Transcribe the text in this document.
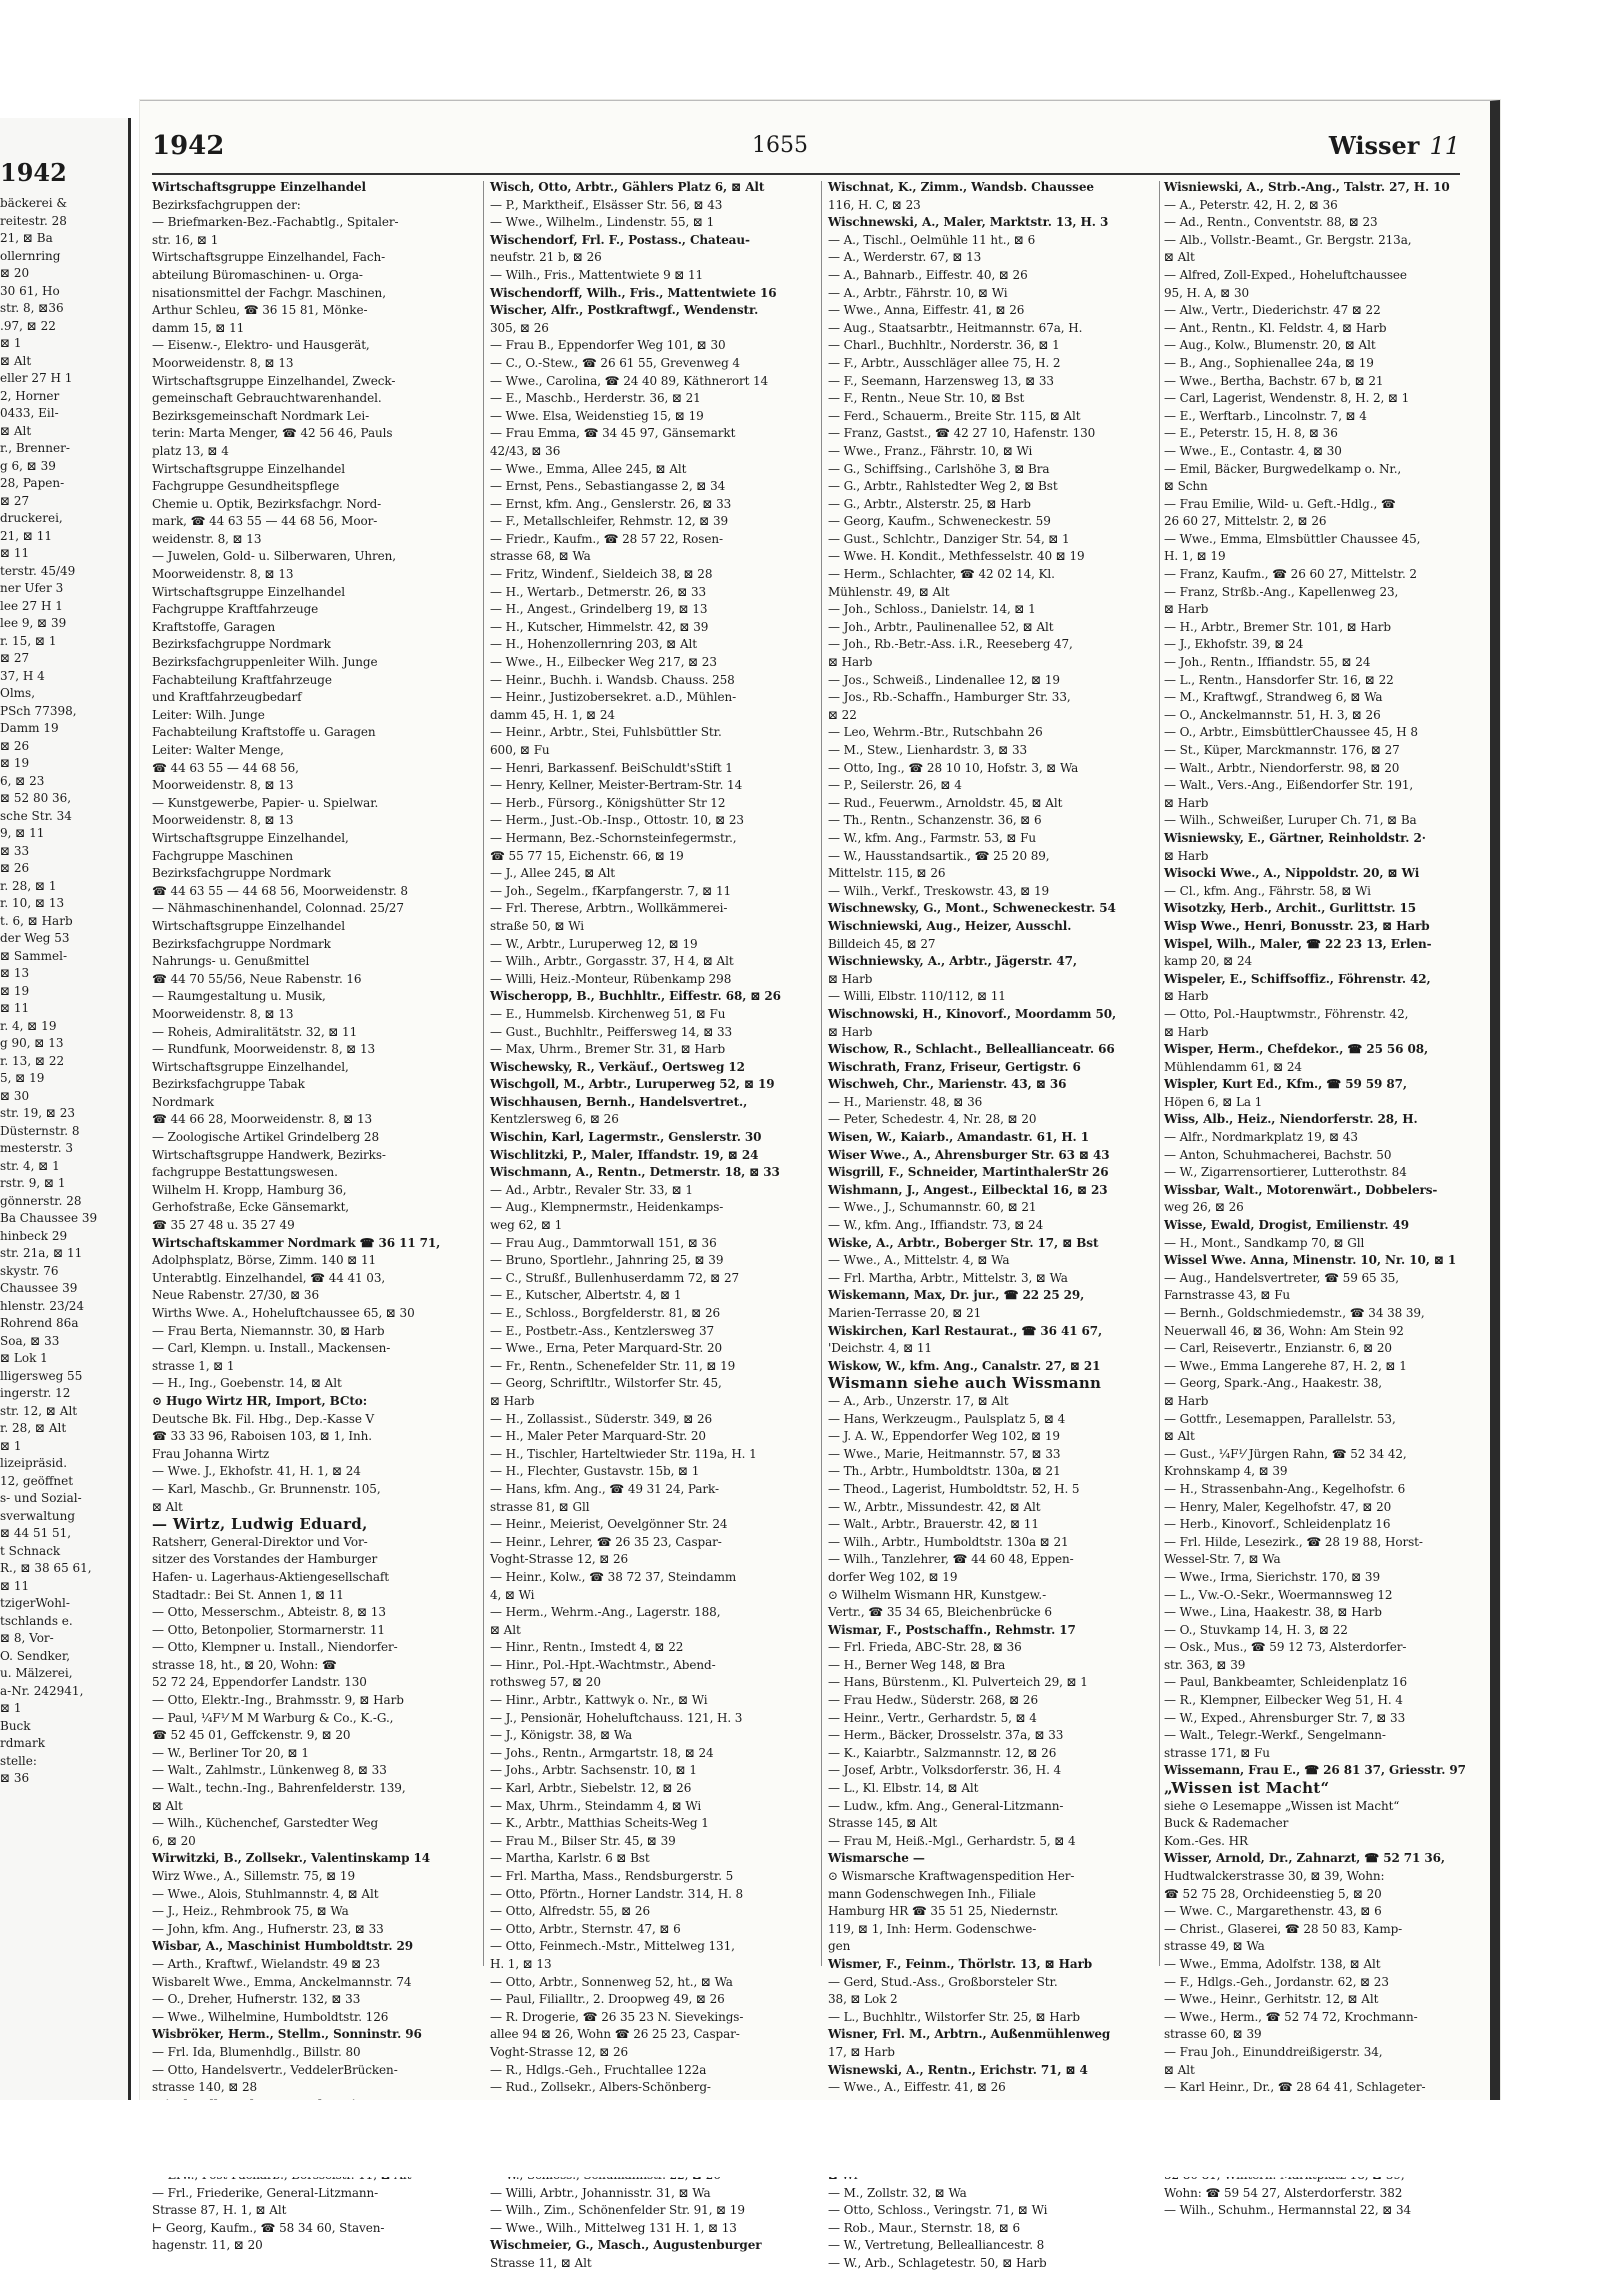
1942
bäckerei &
reitestr. 28
21, ⊠ Ba
ollernring
⊠ 20
30 61, Ho
str. 8, ⊠36
.97, ⊠ 22
⊠ 1
⊠ Alt
eller 27 H 1
2, Horner
0433, Eil-
⊠ Alt
r., Brenner-
g 6, ⊠ 39
28, Papen-
⊠ 27
druckerei,
21, ⊠ 11
⊠ 11
terstr. 45/49
ner Ufer 3
lee 27 H 1
lee 9, ⊠ 39
r. 15, ⊠ 1
⊠ 27
37, H 4
Olms,
PSch 77398,
Damm 19
⊠ 26
⊠ 19
6, ⊠ 23
⊠ 52 80 36,
sche Str. 34
9, ⊠ 11
⊠ 33
⊠ 26
r. 28, ⊠ 1
r. 10, ⊠ 13
t. 6, ⊠ Harb
der Weg 53
⊠ Sammel-
⊠ 13
⊠ 19
⊠ 11
r. 4, ⊠ 19
g 90, ⊠ 13
r. 13, ⊠ 22
5, ⊠ 19
⊠ 30
str. 19, ⊠ 23
Düsternstr. 8
mesterstr. 3
str. 4, ⊠ 1
rstr. 9, ⊠ 1
gönnerstr. 28
Ba Chaussee 39
hinbeck 29
str. 21a, ⊠ 11
skystr. 76
Chaussee 39
hlenstr. 23/24
Rohrend 86a
Soa, ⊠ 33
⊠ Lok 1
lligersweg 55
ingerstr. 12
str. 12, ⊠ Alt
r. 28, ⊠ Alt
⊠ 1
lizeipräsid.
12, geöffnet
s- und Sozial-
sverwaltung
⊠ 44 51 51,
t Schnack
R., ⊠ 38 65 61,
⊠ 11
tzigerWohl-
tschlands e.
⊠ 8, Vor-
O. Sendker,
u. Mälzerei,
a-Nr. 242941,
⊠ 1
Buck
rdmark
stelle:
⊠ 36
1942	1655	Wisser 11
Wirtschaftsgruppe Einzelhandel
Bezirksfachgruppen der:
— Briefmarken-Bez.-Fachabtlg., Spitaler-
str. 16, ⊠ 1
Wirtschaftsgruppe Einzelhandel, Fach-
abteilung Büromaschinen- u. Orga-
nisationsmittel der Fachgr. Maschinen,
Arthur Schleu, ☎ 36 15 81, Mönke-
damm 15, ⊠ 11
— Eisenw.-, Elektro- und Hausgerät,
Moorweidenstr. 8, ⊠ 13
Wirtschaftsgruppe Einzelhandel, Zweck-
gemeinschaft Gebrauchtwarenhandel.
Bezirksgemeinschaft Nordmark Lei-
terin: Marta Menger, ☎ 42 56 46, Pauls
platz 13, ⊠ 4
Wirtschaftsgruppe Einzelhandel
Fachgruppe Gesundheitspflege
Chemie u. Optik, Bezirksfachgr. Nord-
mark, ☎ 44 63 55 — 44 68 56, Moor-
weidenstr. 8, ⊠ 13
— Juwelen, Gold- u. Silberwaren, Uhren,
Moorweidenstr. 8, ⊠ 13
Wirtschaftsgruppe Einzelhandel
Fachgruppe Kraftfahrzeuge
Kraftstoffe, Garagen
Bezirksfachgruppe Nordmark
Bezirksfachgruppenleiter Wilh. Junge
Fachabteilung Kraftfahrzeuge
und Kraftfahrzeugbedarf
Leiter: Wilh. Junge
Fachabteilung Kraftstoffe u. Garagen
Leiter: Walter Menge,
☎ 44 63 55 — 44 68 56,
Moorweidenstr. 8, ⊠ 13
— Kunstgewerbe, Papier- u. Spielwar.
Moorweidenstr. 8, ⊠ 13
Wirtschaftsgruppe Einzelhandel,
Fachgruppe Maschinen
Bezirksfachgruppe Nordmark
☎ 44 63 55 — 44 68 56, Moorweidenstr. 8
— Nähmaschinenhandel, Colonnad. 25/27
Wirtschaftsgruppe Einzelhandel
Bezirksfachgruppe Nordmark
Nahrungs- u. Genußmittel
☎ 44 70 55/56, Neue Rabenstr. 16
— Raumgestaltung u. Musik,
Moorweidenstr. 8, ⊠ 13
— Roheis, Admiralitätstr. 32, ⊠ 11
— Rundfunk, Moorweidenstr. 8, ⊠ 13
Wirtschaftsgruppe Einzelhandel,
Bezirksfachgruppe Tabak
Nordmark
☎ 44 66 28, Moorweidenstr. 8, ⊠ 13
— Zoologische Artikel Grindelberg 28
Wirtschaftsgruppe Handwerk, Bezirks-
fachgruppe Bestattungswesen.
Wilhelm H. Kropp, Hamburg 36,
Gerhofstraße, Ecke Gänsemarkt,
☎ 35 27 48 u. 35 27 49
Wirtschaftskammer Nordmark ☎ 36 11 71,
Adolphsplatz, Börse, Zimm. 140 ⊠ 11
Unterabtlg. Einzelhandel, ☎ 44 41 03,
Neue Rabenstr. 27/30, ⊠ 36
Wirths Wwe. A., Hoheluftchaussee 65, ⊠ 30
— Frau Berta, Niemannstr. 30, ⊠ Harb
— Carl, Klempn. u. Install., Mackensen-
strasse 1, ⊠ 1
— H., Ing., Goebenstr. 14, ⊠ Alt
⊙ Hugo Wirtz HR, Import, BCto:
Deutsche Bk. Fil. Hbg., Dep.-Kasse V
☎ 33 33 96, Raboisen 103, ⊠ 1, Inh.
Frau Johanna Wirtz
— Wwe. J., Ekhofstr. 41, H. 1, ⊠ 24
— Karl, Maschb., Gr. Brunnenstr. 105,
⊠ Alt
— Wirtz, Ludwig Eduard,
Ratsherr, General-Direktor und Vor-
sitzer des Vorstandes der Hamburger
Hafen- u. Lagerhaus-Aktiengesellschaft
Stadtadr.: Bei St. Annen 1, ⊠ 11
— Otto, Messerschm., Abteistr. 8, ⊠ 13
— Otto, Betonpolier, Stormarnerstr. 11
— Otto, Klempner u. Install., Niendorfer-
strasse 18, ht., ⊠ 20, Wohn: ☎
52 72 24, Eppendorfer Landstr. 130
— Otto, Elektr.-Ing., Brahmsstr. 9, ⊠ Harb
— Paul, ¼F⅟ M M Warburg & Co., K.-G.,
☎ 52 45 01, Geffckenstr. 9, ⊠ 20
— W., Berliner Tor 20, ⊠ 1
— Walt., Zahlmstr., Lünkenweg 8, ⊠ 33
— Walt., techn.-Ing., Bahrenfelderstr. 139,
⊠ Alt
— Wilh., Küchenchef, Garstedter Weg
6, ⊠ 20
Wirwitzki, B., Zollsekr., Valentinskamp 14
Wirz Wwe., A., Sillemstr. 75, ⊠ 19
— Wwe., Alois, Stuhlmannstr. 4, ⊠ Alt
— J., Heiz., Rehmbrook 75, ⊠ Wa
— John, kfm. Ang., Hufnerstr. 23, ⊠ 33
Wisbar, A., Maschinist Humboldtstr. 29
— Arth., Kraftwf., Wielandstr. 49 ⊠ 23
Wisbarelt Wwe., Emma, Anckelmannstr. 74
— O., Dreher, Hufnerstr. 132, ⊠ 33
— Wwe., Wilhelmine, Humboldtstr. 126
Wisbröker, Herm., Stellm., Sonninstr. 96
— Frl. Ida, Blumenhdlg., Billstr. 80
— Otto, Handelsvertr., VeddelerBrücken-
strasse 140, ⊠ 28
— Frl., Friederike, General-Litzmann-
Strasse 87, H. 1, ⊠ Alt
⊢ Georg, Kaufm., ☎ 58 34 60, Staven-
hagenstr. 11, ⊠ 20
Wisch, Otto, Arbtr., Gählers Platz 6, ⊠ Alt
— P., Marktheif., Elsässer Str. 56, ⊠ 43
— Wwe., Wilhelm., Lindenstr. 55, ⊠ 1
Wischendorf, Frl. F., Postass., Chateau-
neufstr. 21 b, ⊠ 26
— Wilh., Fris., Mattentwiete 9 ⊠ 11
Wischendorff, Wilh., Fris., Mattentwiete 16
Wischer, Alfr., Postkraftwgf., Wendenstr.
305, ⊠ 26
— Frau B., Eppendorfer Weg 101, ⊠ 30
— C., O.-Stew., ☎ 26 61 55, Grevenweg 4
— Wwe., Carolina, ☎ 24 40 89, Käthnerort 14
— E., Maschb., Herderstr. 36, ⊠ 21
— Wwe. Elsa, Weidenstieg 15, ⊠ 19
— Frau Emma, ☎ 34 45 97, Gänsemarkt
42/43, ⊠ 36
— Wwe., Emma, Allee 245, ⊠ Alt
— Ernst, Pens., Sebastiangasse 2, ⊠ 34
— Ernst, kfm. Ang., Genslerstr. 26, ⊠ 33
— F., Metallschleifer, Rehmstr. 12, ⊠ 39
— Friedr., Kaufm., ☎ 28 57 22, Rosen-
strasse 68, ⊠ Wa
— Fritz, Windenf., Sieldeich 38, ⊠ 28
— H., Wertarb., Detmerstr. 26, ⊠ 33
— H., Angest., Grindelberg 19, ⊠ 13
— H., Kutscher, Himmelstr. 42, ⊠ 39
— H., Hohenzollernring 203, ⊠ Alt
— Wwe., H., Eilbecker Weg 217, ⊠ 23
— Heinr., Buchh. i. Wandsb. Chauss. 258
— Heinr., Justizobersekret. a.D., Mühlen-
damm 45, H. 1, ⊠ 24
— Heinr., Arbtr., Stei, Fuhlsbüttler Str.
600, ⊠ Fu
— Henri, Barkassenf. BeiSchuldt'sStift 1
— Henry, Kellner, Meister-Bertram-Str. 14
— Herb., Fürsorg., Königshütter Str 12
— Herm., Just.-Ob.-Insp., Ottostr. 10, ⊠ 23
— Hermann, Bez.-Schornsteinfegermstr.,
☎ 55 77 15, Eichenstr. 66, ⊠ 19
— J., Allee 245, ⊠ Alt
— Joh., Segelm., fKarpfangerstr. 7, ⊠ 11
— Frl. Therese, Arbtrn., Wollkämmerei-
straße 50, ⊠ Wi
— W., Arbtr., Luruperweg 12, ⊠ 19
— Wilh., Arbtr., Gorgasstr. 37, H 4, ⊠ Alt
— Willi, Heiz.-Monteur, Rübenkamp 298
Wischeropp, B., Buchhltr., Eiffestr. 68, ⊠ 26
— E., Hummelsb. Kirchenweg 51, ⊠ Fu
— Gust., Buchhltr., Peiffersweg 14, ⊠ 33
— Max, Uhrm., Bremer Str. 31, ⊠ Harb
Wischewsky, R., Verkäuf., Oertsweg 12
Wischgoll, M., Arbtr., Luruperweg 52, ⊠ 19
Wischhausen, Bernh., Handelsvertret.,
Kentzlersweg 6, ⊠ 26
Wischin, Karl, Lagermstr., Genslerstr. 30
Wischlitzki, P., Maler, Iffandstr. 19, ⊠ 24
Wischmann, A., Rentn., Detmerstr. 18, ⊠ 33
— Ad., Arbtr., Revaler Str. 33, ⊠ 1
— Aug., Klempnermstr., Heidenkamps-
weg 62, ⊠ 1
— Frau Aug., Dammtorwall 151, ⊠ 36
— Bruno, Sportlehr., Jahnring 25, ⊠ 39
— C., Strußf., Bullenhuserdamm 72, ⊠ 27
— E., Kutscher, Albertstr. 4, ⊠ 1
— E., Schloss., Borgfelderstr. 81, ⊠ 26
— E., Postbetr.-Ass., Kentzlersweg 37
— Wwe., Erna, Peter Marquard-Str. 20
— Fr., Rentn., Schenefelder Str. 11, ⊠ 19
— Georg, Schriftltr., Wilstorfer Str. 45,
⊠ Harb
— H., Zollassist., Süderstr. 349, ⊠ 26
— H., Maler Peter Marquard-Str. 20
— H., Tischler, Harteltwieder Str. 119a, H. 1
— H., Flechter, Gustavstr. 15b, ⊠ 1
— Hans, kfm. Ang., ☎ 49 31 24, Park-
strasse 81, ⊠ Gll
— Heinr., Meierist, Oevelgönner Str. 24
— Heinr., Lehrer, ☎ 26 35 23, Caspar-
Voght-Strasse 12, ⊠ 26
— Heinr., Kolw., ☎ 38 72 37, Steindamm
4, ⊠ Wi
— Herm., Wehrm.-Ang., Lagerstr. 188,
⊠ Alt
— Hinr., Rentn., Imstedt 4, ⊠ 22
— Hinr., Pol.-Hpt.-Wachtmstr., Abend-
rothsweg 57, ⊠ 20
— Hinr., Arbtr., Kattwyk o. Nr., ⊠ Wi
— J., Pensionär, Hoheluftchauss. 121, H. 3
— J., Königstr. 38, ⊠ Wa
— Johs., Rentn., Armgartstr. 18, ⊠ 24
— Johs., Arbtr. Sachsenstr. 10, ⊠ 1
— Karl, Arbtr., Siebelstr. 12, ⊠ 26
— Max, Uhrm., Steindamm 4, ⊠ Wi
— K., Arbtr., Matthias Scheits-Weg 1
— Frau M., Bilser Str. 45, ⊠ 39
— Martha, Karlstr. 6 ⊠ Bst
— Frl. Martha, Mass., Rendsburgerstr. 5
— Otto, Pförtn., Horner Landstr. 314, H. 8
— Otto, Alfredstr. 55, ⊠ 26
— Otto, Arbtr., Sternstr. 47, ⊠ 6
— Otto, Feinmech.-Mstr., Mittelweg 131,
H. 1, ⊠ 13
— Otto, Arbtr., Sonnenweg 52, ht., ⊠ Wa
— Paul, Filialltr., 2. Droopweg 49, ⊠ 26
— R. Drogerie, ☎ 26 35 23 N. Sievekings-
allee 94 ⊠ 26, Wohn ☎ 26 25 23, Caspar-
Voght-Strasse 12, ⊠ 26
— R., Hdlgs.-Geh., Fruchtallee 122a
— Rud., Zollsekr., Albers-Schönberg-
— Willi, Arbtr., Johannisstr. 31, ⊠ Wa
— Wilh., Zim., Schönenfelder Str. 91, ⊠ 19
— Wwe., Wilh., Mittelweg 131 H. 1, ⊠ 13
Wischmeier, G., Masch., Augustenburger
Strasse 11, ⊠ Alt
Wischnat, K., Zimm., Wandsb. Chaussee
116, H. C, ⊠ 23
Wischnewski, A., Maler, Marktstr. 13, H. 3
— A., Tischl., Oelmühle 11 ht., ⊠ 6
— A., Werderstr. 67, ⊠ 13
— A., Bahnarb., Eiffestr. 40, ⊠ 26
— A., Arbtr., Fährstr. 10, ⊠ Wi
— Wwe., Anna, Eiffestr. 41, ⊠ 26
— Aug., Staatsarbtr., Heitmannstr. 67a, H.
— Charl., Buchhltr., Norderstr. 36, ⊠ 1
— F., Arbtr., Ausschläger allee 75, H. 2
— F., Seemann, Harzensweg 13, ⊠ 33
— F., Rentn., Neue Str. 10, ⊠ Bst
— Ferd., Schauerm., Breite Str. 115, ⊠ Alt
— Franz, Gastst., ☎ 42 27 10, Hafenstr. 130
— Wwe., Franz., Fährstr. 10, ⊠ Wi
— G., Schiffsing., Carlshöhe 3, ⊠ Bra
— G., Arbtr., Rahlstedter Weg 2, ⊠ Bst
— G., Arbtr., Alsterstr. 25, ⊠ Harb
— Georg, Kaufm., Schweneckestr. 59
— Gust., Schlchtr., Danziger Str. 54, ⊠ 1
— Wwe. H. Kondit., Methfesselstr. 40 ⊠ 19
— Herm., Schlachter, ☎ 42 02 14, Kl.
Mühlenstr. 49, ⊠ Alt
— Joh., Schloss., Danielstr. 14, ⊠ 1
— Joh., Arbtr., Paulinenallee 52, ⊠ Alt
— Joh., Rb.-Betr.-Ass. i.R., Reeseberg 47,
⊠ Harb
— Jos., Schweiß., Lindenallee 12, ⊠ 19
— Jos., Rb.-Schaffn., Hamburger Str. 33,
⊠ 22
— Leo, Wehrm.-Btr., Rutschbahn 26
— M., Stew., Lienhardstr. 3, ⊠ 33
— Otto, Ing., ☎ 28 10 10, Hofstr. 3, ⊠ Wa
— P., Seilerstr. 26, ⊠ 4
— Rud., Feuerwm., Arnoldstr. 45, ⊠ Alt
— Th., Rentn., Schanzenstr. 36, ⊠ 6
— W., kfm. Ang., Farmstr. 53, ⊠ Fu
— W., Hausstandsartik., ☎ 25 20 89,
Mittelstr. 115, ⊠ 26
— Wilh., Verkf., Treskowstr. 43, ⊠ 19
Wischnewsky, G., Mont., Schweneckestr. 54
Wischniewski, Aug., Heizer, Ausschl.
Billdeich 45, ⊠ 27
Wischniewsky, A., Arbtr., Jägerstr. 47,
⊠ Harb
— Willi, Elbstr. 110/112, ⊠ 11
Wischnowski, H., Kinovorf., Moordamm 50,
⊠ Harb
Wischow, R., Schlacht., Belleallianceatr. 66
Wischrath, Franz, Friseur, Gertigstr. 6
Wischweh, Chr., Marienstr. 43, ⊠ 36
— H., Marienstr. 48, ⊠ 36
— Peter, Schedestr. 4, Nr. 28, ⊠ 20
Wisen, W., Kaiarb., Amandastr. 61, H. 1
Wiser Wwe., A., Ahrensburger Str. 63 ⊠ 43
Wisgrill, F., Schneider, MartinthalerStr 26
Wishmann, J., Angest., Eilbecktal 16, ⊠ 23
— Wwe., J., Schumannstr. 60, ⊠ 21
— W., kfm. Ang., Iffiandstr. 73, ⊠ 24
Wiske, A., Arbtr., Boberger Str. 17, ⊠ Bst
— Wwe., A., Mittelstr. 4, ⊠ Wa
— Frl. Martha, Arbtr., Mittelstr. 3, ⊠ Wa
Wiskemann, Max, Dr. jur., ☎ 22 25 29,
Marien-Terrasse 20, ⊠ 21
Wiskirchen, Karl Restaurat., ☎ 36 41 67,
'Deichstr. 4, ⊠ 11
Wiskow, W., kfm. Ang., Canalstr. 27, ⊠ 21
Wismann siehe auch Wissmann
— A., Arb., Unzerstr. 17, ⊠ Alt
— Hans, Werkzeugm., Paulsplatz 5, ⊠ 4
— J. A. W., Eppendorfer Weg 102, ⊠ 19
— Wwe., Marie, Heitmannstr. 57, ⊠ 33
— Th., Arbtr., Humboldtstr. 130a, ⊠ 21
— Theod., Lagerist, Humboldtstr. 52, H. 5
— W., Arbtr., Missundestr. 42, ⊠ Alt
— Walt., Arbtr., Brauerstr. 42, ⊠ 11
— Wilh., Arbtr., Humboldtstr. 130a ⊠ 21
— Wilh., Tanzlehrer, ☎ 44 60 48, Eppen-
dorfer Weg 102, ⊠ 19
⊙ Wilhelm Wismann HR, Kunstgew.-
Vertr., ☎ 35 34 65, Bleichenbrücke 6
Wismar, F., Postschaffn., Rehmstr. 17
— Frl. Frieda, ABC-Str. 28, ⊠ 36
— H., Berner Weg 148, ⊠ Bra
— Hans, Bürstenm., Kl. Pulverteich 29, ⊠ 1
— Frau Hedw., Süderstr. 268, ⊠ 26
— Heinr., Vertr., Gerhardstr. 5, ⊠ 4
— Herm., Bäcker, Drosselstr. 37a, ⊠ 33
— K., Kaiarbtr., Salzmannstr. 12, ⊠ 26
— Josef, Arbtr., Volksdorferstr. 36, H. 4
— L., Kl. Elbstr. 14, ⊠ Alt
— Ludw., kfm. Ang., General-Litzmann-
Strasse 145, ⊠ Alt
— Frau M, Heiß.-Mgl., Gerhardstr. 5, ⊠ 4
Wismarsche —
⊙ Wismarsche Kraftwagenspedition Her-
mann Godenschwegen Inh., Filiale
Hamburg HR ☎ 35 51 25, Niedernstr.
119, ⊠ 1, Inh: Herm. Godenschwe-
gen
Wismer, F., Feinm., Thörlstr. 13, ⊠ Harb
— Gerd, Stud.-Ass., Großborsteler Str.
38, ⊠ Lok 2
— L., Buchhltr., Wilstorfer Str. 25, ⊠ Harb
Wisner, Frl. M., Arbtrn., Außenmühlenweg
17, ⊠ Harb
Wisnewski, A., Rentn., Erichstr. 71, ⊠ 4
— Wwe., A., Eiffestr. 41, ⊠ 26
— M., Zollstr. 32, ⊠ Wa
— Otto, Schloss., Veringstr. 71, ⊠ Wi
— Rob., Maur., Sternstr. 18, ⊠ 6
— W., Vertretung, Bellealliancestr. 8
— W., Arb., Schlagetestr. 50, ⊠ Harb
Wisniewski, A., Strb.-Ang., Talstr. 27, H. 10
— A., Peterstr. 42, H. 2, ⊠ 36
— Ad., Rentn., Conventstr. 88, ⊠ 23
— Alb., Vollstr.-Beamt., Gr. Bergstr. 213a,
⊠ Alt
— Alfred, Zoll-Exped., Hoheluftchaussee
95, H. A, ⊠ 30
— Alw., Vertr., Diederichstr. 47 ⊠ 22
— Ant., Rentn., Kl. Feldstr. 4, ⊠ Harb
— Aug., Kolw., Blumenstr. 20, ⊠ Alt
— B., Ang., Sophienallee 24a, ⊠ 19
— Wwe., Bertha, Bachstr. 67 b, ⊠ 21
— Carl, Lagerist, Wendenstr. 8, H. 2, ⊠ 1
— E., Werftarb., Lincolnstr. 7, ⊠ 4
— E., Peterstr. 15, H. 8, ⊠ 36
— Wwe., E., Contastr. 4, ⊠ 30
— Emil, Bäcker, Burgwedelkamp o. Nr.,
⊠ Schn
— Frau Emilie, Wild- u. Geft.-Hdlg., ☎
26 60 27, Mittelstr. 2, ⊠ 26
— Wwe., Emma, Elmsbüttler Chaussee 45,
H. 1, ⊠ 19
— Franz, Kaufm., ☎ 26 60 27, Mittelstr. 2
— Franz, Strßb.-Ang., Kapellenweg 23,
⊠ Harb
— H., Arbtr., Bremer Str. 101, ⊠ Harb
— J., Ekhofstr. 39, ⊠ 24
— Joh., Rentn., Iffiandstr. 55, ⊠ 24
— L., Rentn., Hansdorfer Str. 16, ⊠ 22
— M., Kraftwgf., Strandweg 6, ⊠ Wa
— O., Anckelmannstr. 51, H. 3, ⊠ 26
— O., Arbtr., EimsbüttlerChaussee 45, H 8
— St., Küper, Marckmannstr. 176, ⊠ 27
— Walt., Arbtr., Niendorferstr. 98, ⊠ 20
— Walt., Vers.-Ang., Eißendorfer Str. 191,
⊠ Harb
— Wilh., Schweißer, Luruper Ch. 71, ⊠ Ba
Wisniewsky, E., Gärtner, Reinholdstr. 2·
⊠ Harb
Wisocki Wwe., A., Nippoldstr. 20, ⊠ Wi
— Cl., kfm. Ang., Fährstr. 58, ⊠ Wi
Wisotzky, Herb., Archit., Gurlittstr. 15
Wisp Wwe., Henri, Bonusstr. 23, ⊠ Harb
Wispel, Wilh., Maler, ☎ 22 23 13, Erlen-
kamp 20, ⊠ 24
Wispeler, E., Schiffsoffiz., Föhrenstr. 42,
⊠ Harb
— Otto, Pol.-Hauptwmstr., Föhrenstr. 42,
⊠ Harb
Wisper, Herm., Chefdekor., ☎ 25 56 08,
Mühlendamm 61, ⊠ 24
Wispler, Kurt Ed., Kfm., ☎ 59 59 87,
Höpen 6, ⊠ La 1
Wiss, Alb., Heiz., Niendorferstr. 28, H.
— Alfr., Nordmarkplatz 19, ⊠ 43
— Anton, Schuhmacherei, Bachstr. 50
— W., Zigarrensortierer, Lutterothstr. 84
Wissbar, Walt., Motorenwärt., Dobbelers-
weg 26, ⊠ 26
Wisse, Ewald, Drogist, Emilienstr. 49
— H., Mont., Sandkamp 70, ⊠ Gll
Wissel Wwe. Anna, Minenstr. 10, Nr. 10, ⊠ 1
— Aug., Handelsvertreter, ☎ 59 65 35,
Farnstrasse 43, ⊠ Fu
— Bernh., Goldschmiedemstr., ☎ 34 38 39,
Neuerwall 46, ⊠ 36, Wohn: Am Stein 92
— Carl, Reisevertr., Enzianstr. 6, ⊠ 20
— Wwe., Emma Langerehe 87, H. 2, ⊠ 1
— Georg, Spark.-Ang., Haakestr. 38,
⊠ Harb
— Gottfr., Lesemappen, Parallelstr. 53,
⊠ Alt
— Gust., ¼F⅟ Jürgen Rahn, ☎ 52 34 42,
Krohnskamp 4, ⊠ 39
— H., Strassenbahn-Ang., Kegelhofstr. 6
— Henry, Maler, Kegelhofstr. 47, ⊠ 20
— Herb., Kinovorf., Schleidenplatz 16
— Frl. Hilde, Lesezirk., ☎ 28 19 88, Horst-
Wessel-Str. 7, ⊠ Wa
— Wwe., Irma, Sierichstr. 170, ⊠ 39
— L., Vw.-O.-Sekr., Woermannsweg 12
— Wwe., Lina, Haakestr. 38, ⊠ Harb
— O., Stuvkamp 14, H. 3, ⊠ 22
— Osk., Mus., ☎ 59 12 73, Alsterdorfer-
str. 363, ⊠ 39
— Paul, Bankbeamter, Schleidenplatz 16
— R., Klempner, Eilbecker Weg 51, H. 4
— W., Exped., Ahrensburger Str. 7, ⊠ 33
— Walt., Telegr.-Werkf., Sengelmann-
strasse 171, ⊠ Fu
Wissemann, Frau E., ☎ 26 81 37, Griesstr. 97
„Wissen ist Macht“
siehe ⊙ Lesemappe „Wissen ist Macht“
Buck & Rademacher
Kom.-Ges. HR
Wisser, Arnold, Dr., Zahnarzt, ☎ 52 71 36,
Hudtwalckerstrasse 30, ⊠ 39, Wohn:
☎ 52 75 28, Orchideenstieg 5, ⊠ 20
— Wwe. C., Margarethenstr. 43, ⊠ 6
— Christ., Glaserei, ☎ 28 50 83, Kamp-
strasse 49, ⊠ Wa
— Wwe., Emma, Adolfstr. 138, ⊠ Alt
— F., Hdlgs.-Geh., Jordanstr. 62, ⊠ 23
— Wwe., Heinr., Gerhitstr. 12, ⊠ Alt
— Wwe., Herm., ☎ 52 74 72, Krochmann-
strasse 60, ⊠ 39
— Frau Joh., Einunddreißigerstr. 34,
⊠ Alt
— Karl Heinr., Dr., ☎ 28 64 41, Schlageter-
Wohn: ☎ 59 54 27, Alsterdorferstr. 382
— Wilh., Schuhm., Hermannstal 22, ⊠ 34
